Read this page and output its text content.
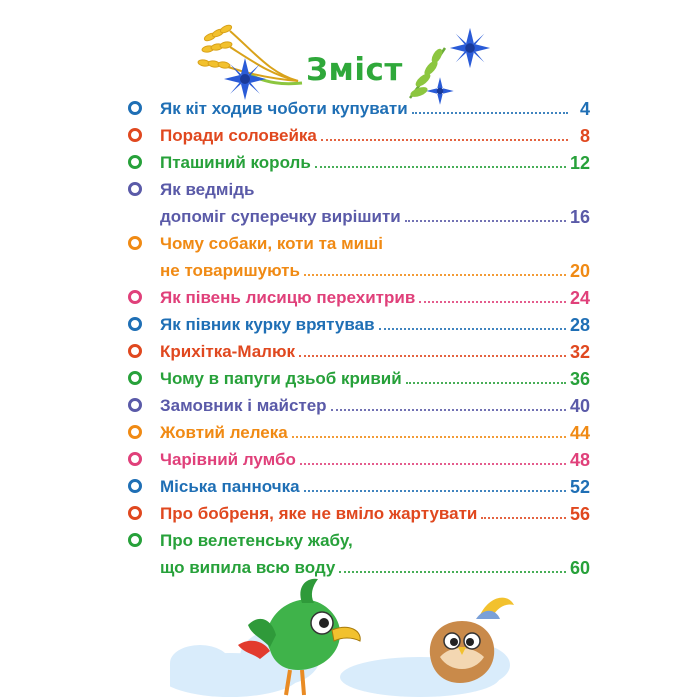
Зміст
Як кіт ходив чоботи купувати	4
Поради соловейка	8
Пташиний король	12
Як ведмідь
допоміг суперечку вирішити	16
Чому собаки, коти та миші
не товаришують	20
Як півень лисицю перехитрив	24
Як півник курку врятував	28
Крихітка-Малюк	32
Чому в папуги дзьоб кривий	36
Замовник і майстер	40
Жовтий лелека	44
Чарівний лумбо	48
Міська панночка	52
Про бобреня, яке не вміло жартувати	56
Про велетенську жабу,
що випила всю воду	60
